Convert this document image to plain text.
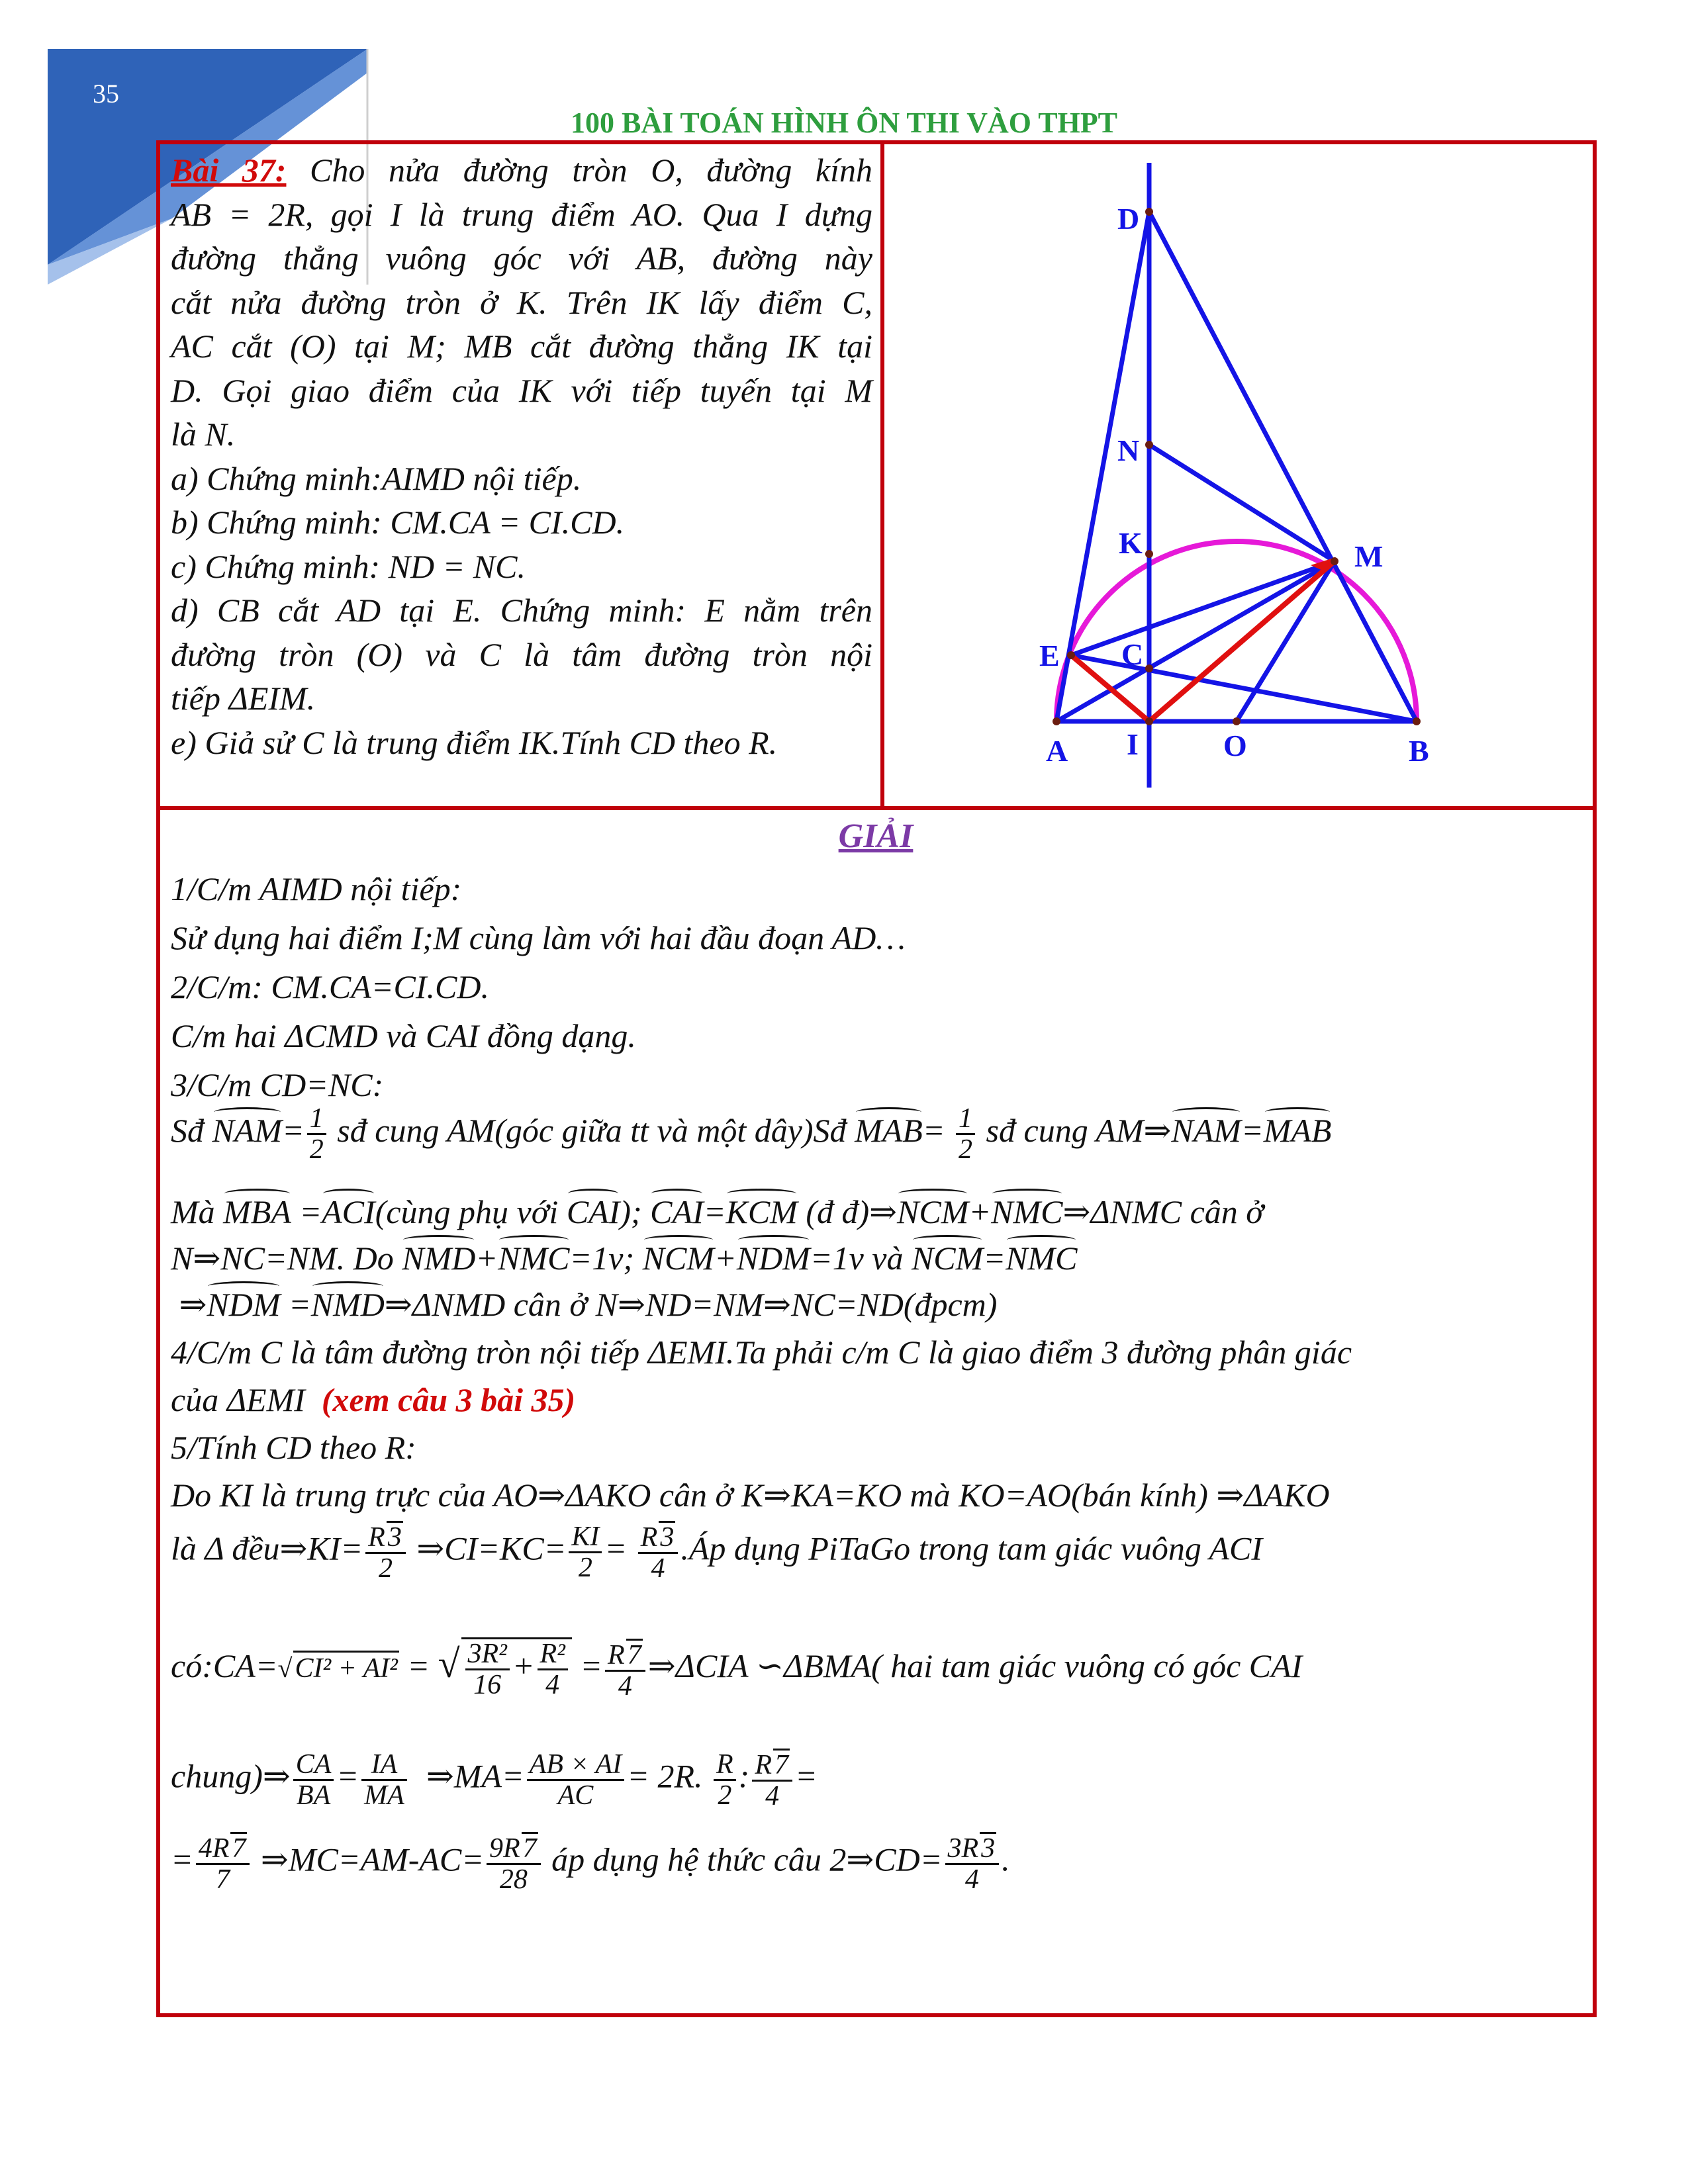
35
100 BÀI TOÁN HÌNH ÔN THI VÀO THPT
Bài 37: Cho nửa đường tròn O, đường kính
AB = 2R, gọi I là trung điểm AO. Qua I dựng
đường thẳng vuông góc với AB, đường này
cắt nửa đường tròn ở K. Trên IK lấy điểm C,
AC cắt (O) tại M; MB cắt đường thẳng IK tại
D. Gọi giao điểm của IK với tiếp tuyến tại M
là N.
a) Chứng minh:AIMD nội tiếp.
b) Chứng minh: CM.CA = CI.CD.
c) Chứng minh: ND = NC.
d) CB cắt AD tại E. Chứng minh: E nằm trên
đường tròn (O) và C là tâm đường tròn nội
tiếp ΔEIM.
e) Giả sử C là trung điểm IK.Tính CD theo R.
D
N
K	M
E C
A I	O	B
GIẢI
1/C/m AIMD nội tiếp:
Sử dụng hai điểm I;M cùng làm với hai đầu đoạn AD…
2/C/m: CM.CA=CI.CD.
C/m hai ΔCMD và CAI đồng dạng.
3/C/m CD=NC:
Sđ $NAM= \frac{1}{2}$ sđ cung AM(góc giữa tt và một dây)Sđ $MAB= \frac{1}{2}$ sđ cung AM⇒NAM=MAB
Mà MBA =ACI(cùng phụ với CAI); CAI=KCM (đ đ)⇒NCM+NMC⇒ΔNMC cân ở
N⇒NC=NM. Do NMD+NMC=1v; NCM+NDM=1v và NCM=NMC
⇒NDM =NMD⇒ΔNMD cân ở N⇒ND=NM⇒NC=ND(đpcm)
4/C/m C là tâm đường tròn nội tiếp ΔEMI.Ta phải c/m C là giao điểm 3 đường phân giác
của ΔEMI (xem câu 3 bài 35)
5/Tính CD theo R:
Do KI là trung trực của AO⇒ΔAKO cân ở K⇒KA=KO mà KO=AO(bán kính) ⇒ΔAKO
là Δ đều⇒KI= $\frac{R3}{2}$ ⇒CI=KC= $\frac{KI}{2} = \frac{R3}{4}$ .Áp dụng PiTaGo trong tam giác vuông ACI
có:CA=√CI² + AI² = √ $\frac{\text{3R²}}{16} + \frac{\text{R²}}{4} = \frac{R7}{4}$ ⇒ΔCIA ∽ΔBMA( hai tam giác vuông có góc CAI
chung)⇒ $\frac{CA}{BA} = \frac{IA}{MA}$ ⇒MA= $\frac{AB \times AI}{AC} = 2R$. $\frac{R}{2}$ : $\frac{R7}{4}$ =
= $\frac{4R7}{7}$ ⇒MC=AM-AC= $\frac{9R7}{28}$ áp dụng hệ thức câu 2⇒CD= $\frac{3R3}{4}$ .
